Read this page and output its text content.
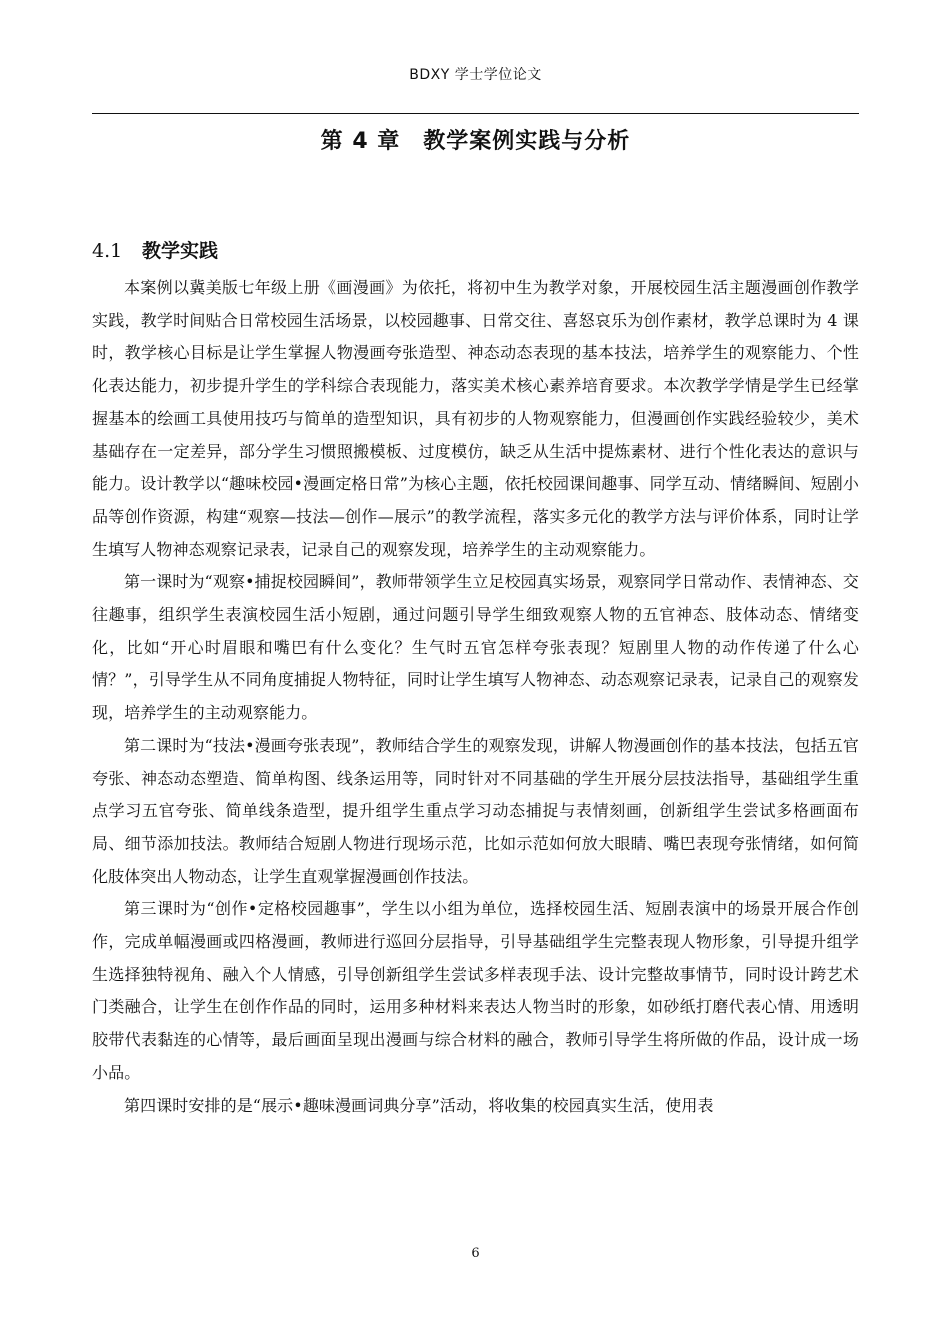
BDXY 学士学位论文
第 4 章　教学案例实践与分析
4.1 教学实践

本案例以冀美版七年级上册《画漫画》为依托，将初中生为教学对象，开展校园生活主题漫画创作教学实践，教学时间贴合日常校园生活场景，以校园趣事、日常交往、喜怒哀乐为创作素材，教学总课时为 4 课时，教学核心目标是让学生掌握人物漫画夸张造型、神态动态表现的基本技法，培养学生的观察能力、个性化表达能力，初步提升学生的学科综合表现能力，落实美术核心素养培育要求。本次教学学情是学生已经掌握基本的绘画工具使用技巧与简单的造型知识，具有初步的人物观察能力，但漫画创作实践经验较少，美术基础存在一定差异，部分学生习惯照搬模板、过度模仿，缺乏从生活中提炼素材、进行个性化表达的意识与能力。设计教学以“趣味校园•漫画定格日常”为核心主题，依托校园课间趣事、同学互动、情绪瞬间、短剧小品等创作资源，构建“观察—技法—创作—展示”的教学流程，落实多元化的教学方法与评价体系，同时让学生填写人物神态观察记录表，记录自己的观察发现，培养学生的主动观察能力。

第一课时为“观察•捕捉校园瞬间”，教师带领学生立足校园真实场景，观察同学日常动作、表情神态、交往趣事，组织学生表演校园生活小短剧，通过问题引导学生细致观察人物的五官神态、肢体动态、情绪变化，比如“开心时眉眼和嘴巴有什么变化？生气时五官怎样夸张表现？短剧里人物的动作传递了什么心情？”，引导学生从不同角度捕捉人物特征，同时让学生填写人物神态、动态观察记录表，记录自己的观察发现，培养学生的主动观察能力。

第二课时为“技法•漫画夸张表现”，教师结合学生的观察发现，讲解人物漫画创作的基本技法，包括五官夸张、神态动态塑造、简单构图、线条运用等，同时针对不同基础的学生开展分层技法指导，基础组学生重点学习五官夸张、简单线条造型，提升组学生重点学习动态捕捉与表情刻画，创新组学生尝试多格画面布局、细节添加技法。教师结合短剧人物进行现场示范，比如示范如何放大眼睛、嘴巴表现夸张情绪，如何简化肢体突出人物动态，让学生直观掌握漫画创作技法。

第三课时为“创作•定格校园趣事”，学生以小组为单位，选择校园生活、短剧表演中的场景开展合作创作，完成单幅漫画或四格漫画，教师进行巡回分层指导，引导基础组学生完整表现人物形象，引导提升组学生选择独特视角、融入个人情感，引导创新组学生尝试多样表现手法、设计完整故事情节，同时设计跨艺术门类融合，让学生在创作作品的同时，运用多种材料来表达人物当时的形象，如砂纸打磨代表心情、用透明胶带代表黏连的心情等，最后画面呈现出漫画与综合材料的融合，教师引导学生将所做的作品，设计成一场小品。

第四课时安排的是“展示•趣味漫画词典分享”活动，将收集的校园真实生活，使用表

6
